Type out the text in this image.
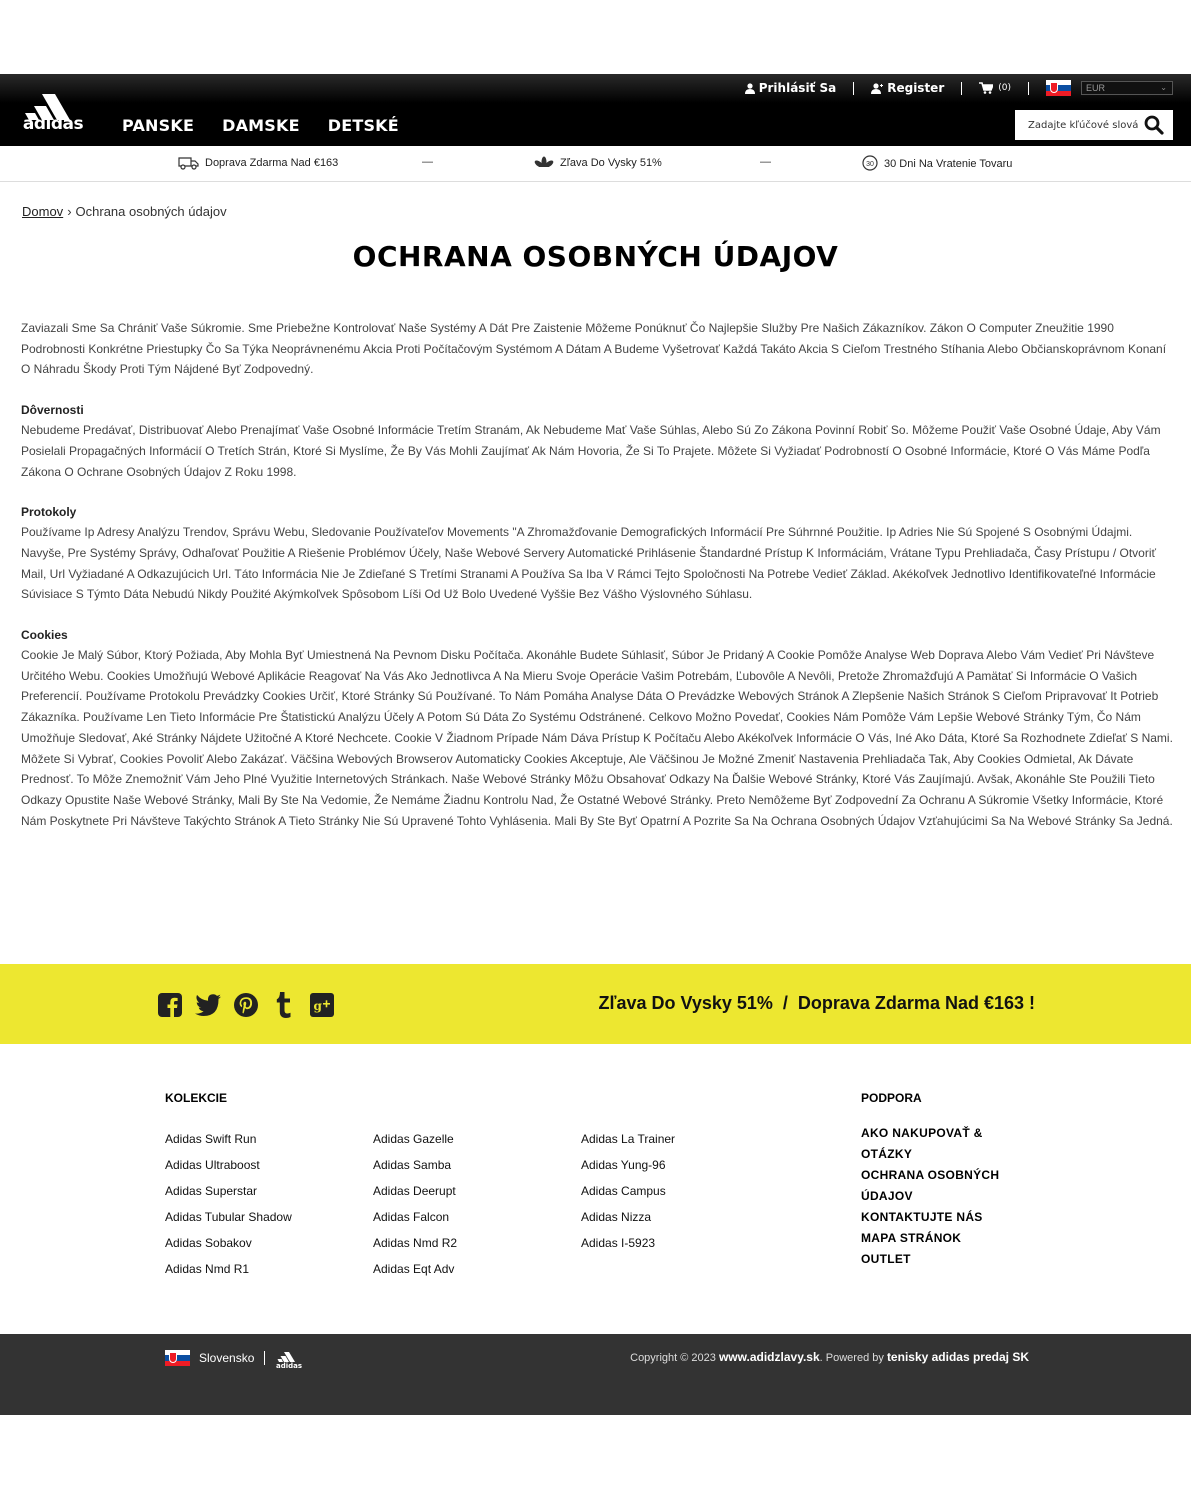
Prihlásiť Sa	Register	(0)	EUR	⌄
adidas PANSKE DAMSKE DETSKÉ
Zadajte kľúčové slová
Doprava Zdarma Nad €163	—	Zľava Do Vysky 51%	—	30 30 Dni Na Vratenie Tovaru
Domov › Ochrana osobných údajov
OCHRANA OSOBNÝCH ÚDAJOV

Zaviazali Sme Sa Chrániť Vaše Súkromie. Sme Priebežne Kontrolovať Naše Systémy A Dát Pre Zaistenie Môžeme Ponúknuť Čo Najlepšie Služby Pre Našich Zákazníkov. Zákon O Computer Zneužitie 1990 Podrobnosti Konkrétne Priestupky Čo Sa Týka Neoprávnenému Akcia Proti Počítačovým Systémom A Dátam A Budeme Vyšetrovať Každá Takáto Akcia S Cieľom Trestného Stíhania Alebo Občianskoprávnom Konaní O Náhradu Škody Proti Tým Nájdené Byť Zodpovedný.

Dôvernosti

Nebudeme Predávať, Distribuovať Alebo Prenajímať Vaše Osobné Informácie Tretím Stranám, Ak Nebudeme Mať Vaše Súhlas, Alebo Sú Zo Zákona Povinní Robiť So. Môžeme Použiť Vaše Osobné Údaje, Aby Vám Posielali Propagačných Informácií O Tretích Strán, Ktoré Si Myslíme, Že By Vás Mohli Zaujímať Ak Nám Hovoria, Že Si To Prajete. Môžete Si Vyžiadať Podrobností O Osobné Informácie, Ktoré O Vás Máme Podľa Zákona O Ochrane Osobných Údajov Z Roku 1998.

Protokoly

Používame Ip Adresy Analýzu Trendov, Správu Webu, Sledovanie Používateľov Movements "A Zhromažďovanie Demografických Informácií Pre Súhrnné Použitie. Ip Adries Nie Sú Spojené S Osobnými Údajmi. Navyše, Pre Systémy Správy, Odhaľovať Použitie A Riešenie Problémov Účely, Naše Webové Servery Automatické Prihlásenie Štandardné Prístup K Informáciám, Vrátane Typu Prehliadača, Časy Prístupu / Otvoriť Mail, Url Vyžiadané A Odkazujúcich Url. Táto Informácia Nie Je Zdieľané S Tretími Stranami A Používa Sa Iba V Rámci Tejto Spoločnosti Na Potrebe Vedieť Základ. Akékoľvek Jednotlivo Identifikovateľné Informácie Súvisiace S Týmto Dáta Nebudú Nikdy Použité Akýmkoľvek Spôsobom Líši Od Už Bolo Uvedené Vyššie Bez Vášho Výslovného Súhlasu.

Cookies

Cookie Je Malý Súbor, Ktorý Požiada, Aby Mohla Byť Umiestnená Na Pevnom Disku Počítača. Akonáhle Budete Súhlasiť, Súbor Je Pridaný A Cookie Pomôže Analyse Web Doprava Alebo Vám Vedieť Pri Návšteve Určitého Webu. Cookies Umožňujú Webové Aplikácie Reagovať Na Vás Ako Jednotlivca A Na Mieru Svoje Operácie Vašim Potrebám, Ľubovôle A Nevôli, Pretože Zhromažďujú A Pamätať Si Informácie O Vašich Preferencií. Používame Protokolu Prevádzky Cookies Určiť, Ktoré Stránky Sú Používané. To Nám Pomáha Analyse Dáta O Prevádzke Webových Stránok A Zlepšenie Našich Stránok S Cieľom Pripravovať It Potrieb Zákazníka. Používame Len Tieto Informácie Pre Štatistickú Analýzu Účely A Potom Sú Dáta Zo Systému Odstránené. Celkovo Možno Povedať, Cookies Nám Pomôže Vám Lepšie Webové Stránky Tým, Čo Nám Umožňuje Sledovať, Aké Stránky Nájdete Užitočné A Ktoré Nechcete. Cookie V Žiadnom Prípade Nám Dáva Prístup K Počítaču Alebo Akékoľvek Informácie O Vás, Iné Ako Dáta, Ktoré Sa Rozhodnete Zdieľať S Nami. Môžete Si Vybrať, Cookies Povoliť Alebo Zakázať. Väčšina Webových Browserov Automaticky Cookies Akceptuje, Ale Väčšinou Je Možné Zmeniť Nastavenia Prehliadača Tak, Aby Cookies Odmietal, Ak Dávate Prednosť. To Môže Znemožniť Vám Jeho Plné Využitie Internetových Stránkach. Naše Webové Stránky Môžu Obsahovať Odkazy Na Ďalšie Webové Stránky, Ktoré Vás Zaujímajú. Avšak, Akonáhle Ste Použili Tieto Odkazy Opustite Naše Webové Stránky, Mali By Ste Na Vedomie, Že Nemáme Žiadnu Kontrolu Nad, Že Ostatné Webové Stránky. Preto Nemôžeme Byť Zodpovední Za Ochranu A Súkromie Všetky Informácie, Ktoré Nám Poskytnete Pri Návšteve Takýchto Stránok A Tieto Stránky Nie Sú Upravené Tohto Vyhlásenia. Mali By Ste Byť Opatrní A Pozrite Sa Na Ochrana Osobných Údajov Vzťahujúcimi Sa Na Webové Stránky Sa Jedná.

g	Zľava Do Vysky 51%  /  Doprava Zdarma Nad €163 !
KOLEKCIE	PODPORA
Adidas Swift Run
Adidas Ultraboost
Adidas Superstar
Adidas Tubular Shadow
Adidas Sobakov
Adidas Nmd R1
Adidas Gazelle
Adidas Samba
Adidas Deerupt
Adidas Falcon
Adidas Nmd R2
Adidas Eqt Adv
Adidas La Trainer
Adidas Yung-96
Adidas Campus
Adidas Nizza
Adidas I-5923
AKO NAKUPOVAŤ & OTÁZKY
OCHRANA OSOBNÝCH ÚDAJOV
KONTAKTUJTE NÁS
MAPA STRÁNOK
OUTLET
Slovensko
adidas
Copyright © 2023 www.adidzlavy.sk. Powered by tenisky adidas predaj SK
